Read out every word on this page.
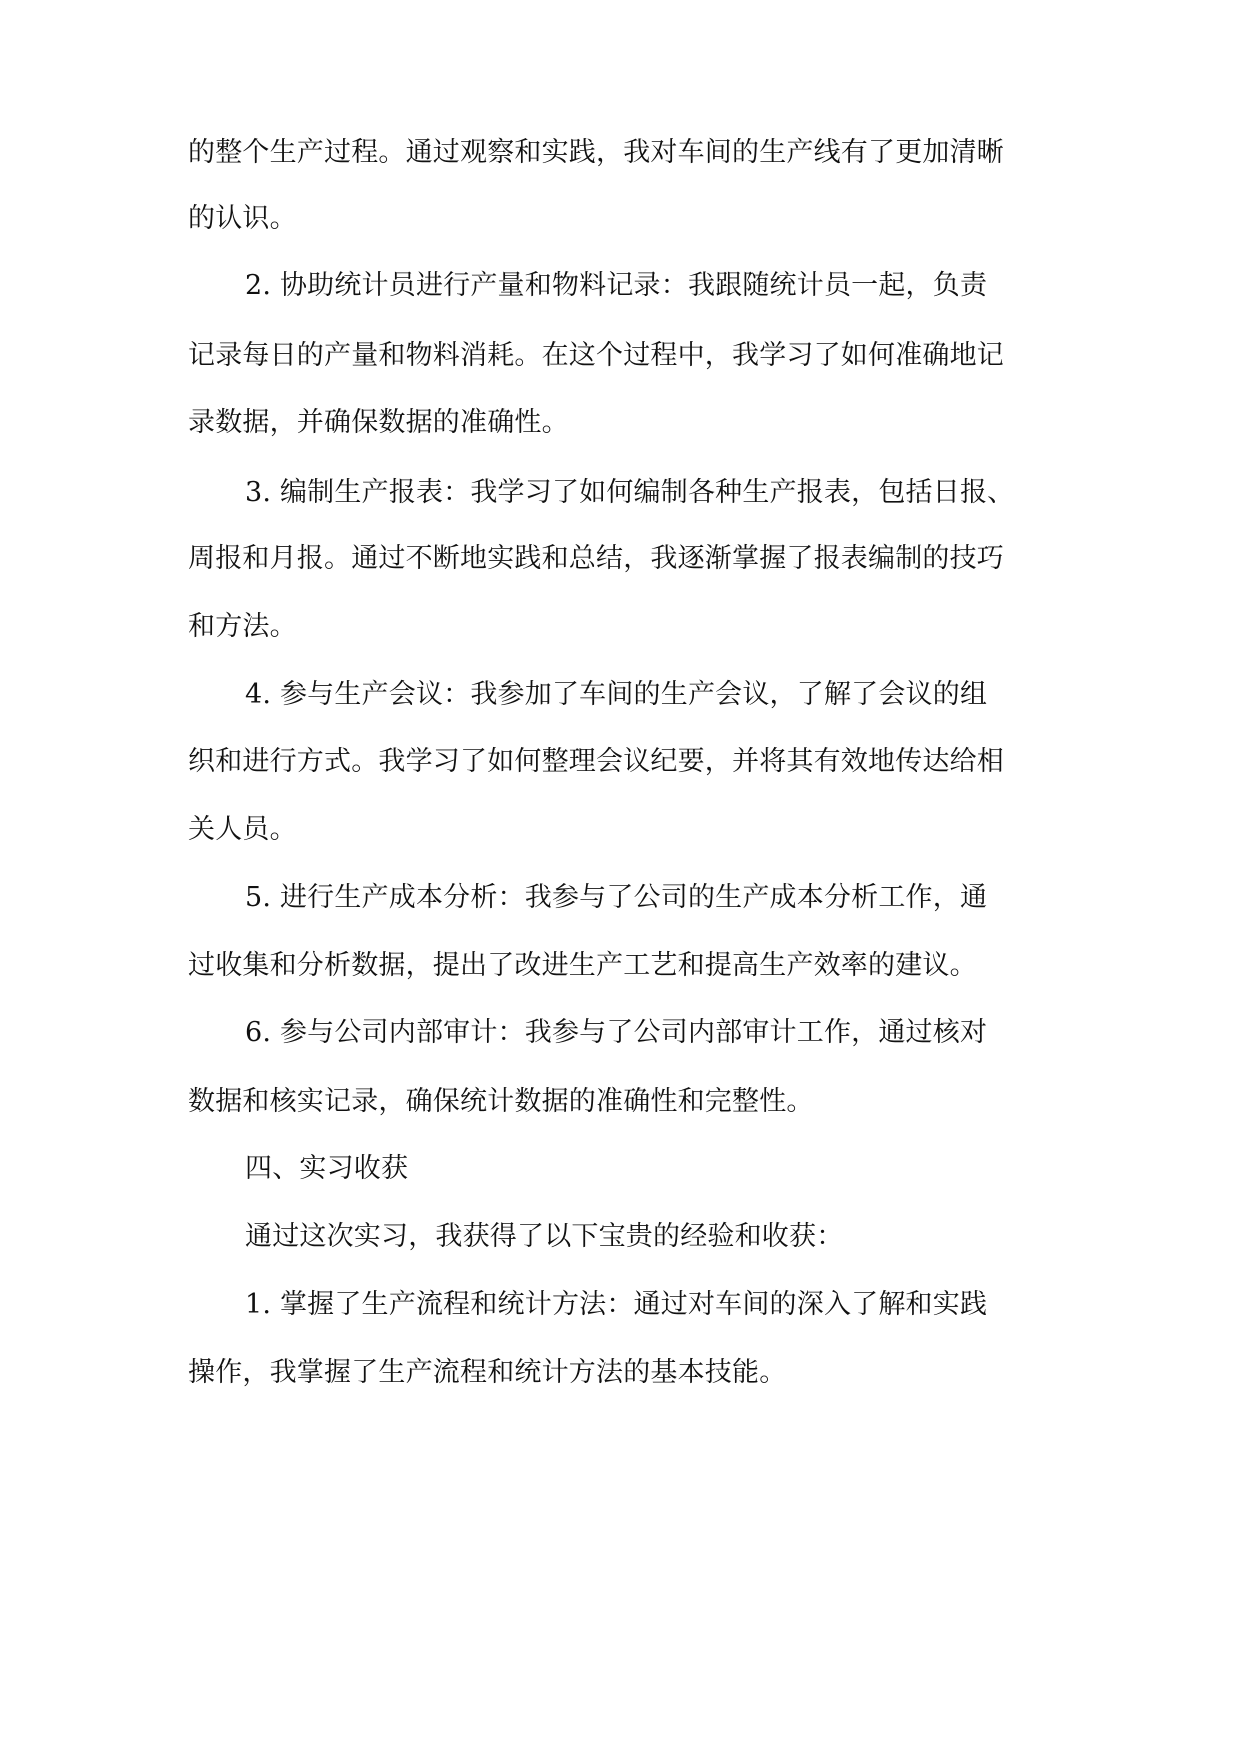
的整个生产过程。通过观察和实践，我对车间的生产线有了更加清晰
的认识。
2. 协助统计员进行产量和物料记录：我跟随统计员一起，负责
记录每日的产量和物料消耗。在这个过程中，我学习了如何准确地记
录数据，并确保数据的准确性。
3. 编制生产报表：我学习了如何编制各种生产报表，包括日报、
周报和月报。通过不断地实践和总结，我逐渐掌握了报表编制的技巧
和方法。
4. 参与生产会议：我参加了车间的生产会议，了解了会议的组
织和进行方式。我学习了如何整理会议纪要，并将其有效地传达给相
关人员。
5. 进行生产成本分析：我参与了公司的生产成本分析工作，通
过收集和分析数据，提出了改进生产工艺和提高生产效率的建议。
6. 参与公司内部审计：我参与了公司内部审计工作，通过核对
数据和核实记录，确保统计数据的准确性和完整性。
四、实习收获
通过这次实习，我获得了以下宝贵的经验和收获：
1. 掌握了生产流程和统计方法：通过对车间的深入了解和实践
操作，我掌握了生产流程和统计方法的基本技能。
